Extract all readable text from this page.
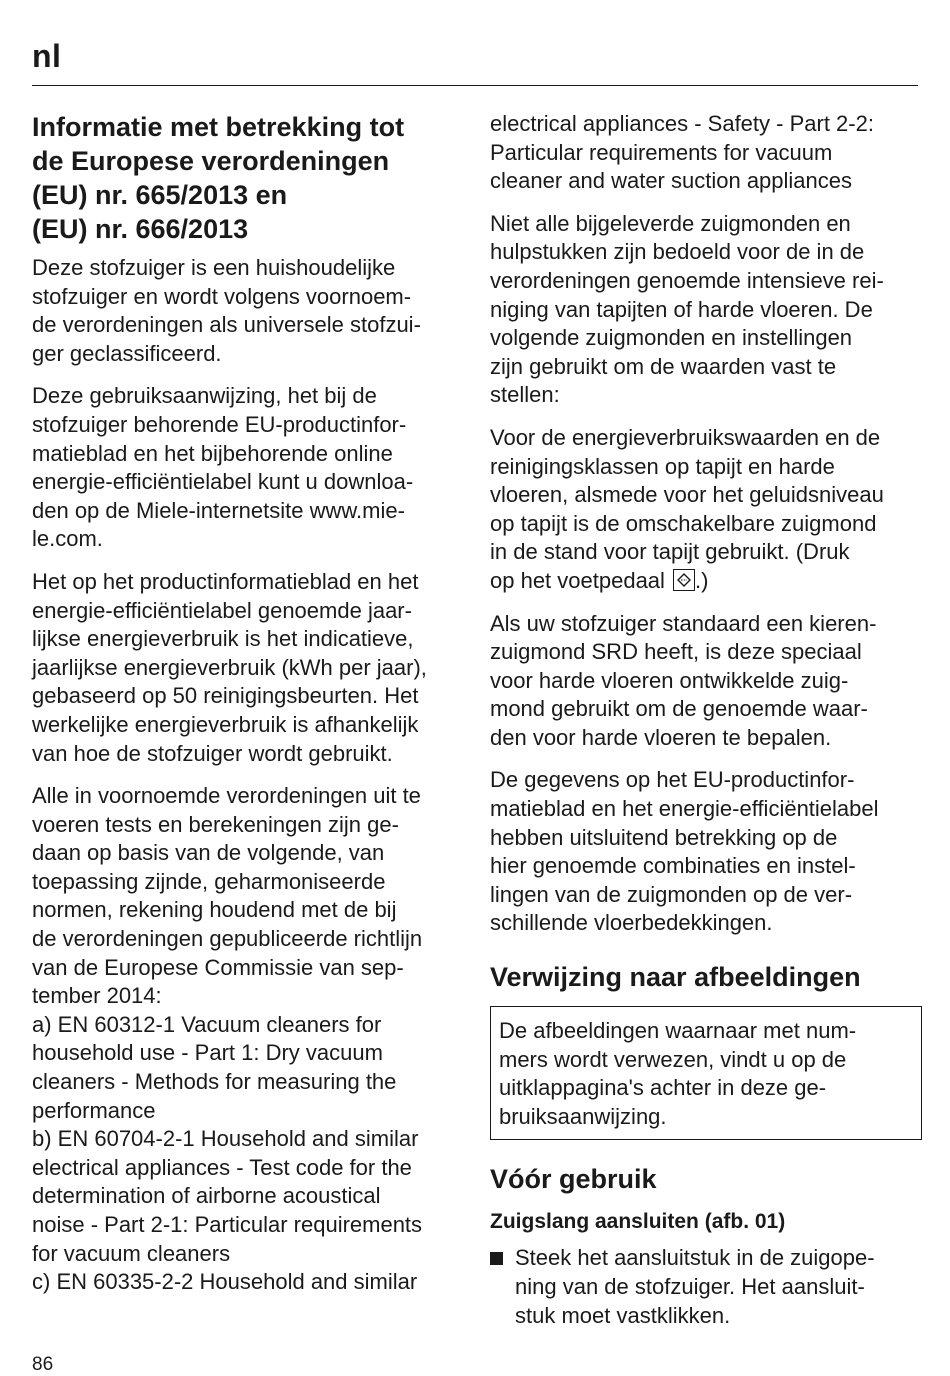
nl
Informatie met betrekking tot
de Europese verordeningen
(EU) nr. 665/2013 en
(EU) nr. 666/2013

Deze stofzuiger is een huishoudelijke
stofzuiger en wordt volgens voornoem-
de verordeningen als universele stofzui-
ger geclassificeerd.

Deze gebruiksaanwijzing, het bij de
stofzuiger behorende EU-productinfor-
matieblad en het bijbehorende online
energie-efficiëntielabel kunt u downloa-
den op de Miele-internetsite www.mie-
le.com.

Het op het productinformatieblad en het
energie-efficiëntielabel genoemde jaar-
lijkse energieverbruik is het indicatieve,
jaarlijkse energieverbruik (kWh per jaar),
gebaseerd op 50 reinigingsbeurten. Het
werkelijke energieverbruik is afhankelijk
van hoe de stofzuiger wordt gebruikt.

Alle in voornoemde verordeningen uit te
voeren tests en berekeningen zijn ge-
daan op basis van de volgende, van
toepassing zijnde, geharmoniseerde
normen, rekening houdend met de bij
de verordeningen gepubliceerde richtlijn
van de Europese Commissie van sep-
tember 2014:
a) EN 60312-1 Vacuum cleaners for
household use - Part 1: Dry vacuum
cleaners - Methods for measuring the
performance
b) EN 60704-2-1 Household and similar
electrical appliances - Test code for the
determination of airborne acoustical
noise - Part 2-1: Particular requirements
for vacuum cleaners
c) EN 60335-2-2 Household and similar

electrical appliances - Safety - Part 2-2:
Particular requirements for vacuum
cleaner and water suction appliances

Niet alle bijgeleverde zuigmonden en
hulpstukken zijn bedoeld voor de in de
verordeningen genoemde intensieve rei-
niging van tapijten of harde vloeren. De
volgende zuigmonden en instellingen
zijn gebruikt om de waarden vast te
stellen:

Voor de energieverbruikswaarden en de
reinigingsklassen op tapijt en harde
vloeren, alsmede voor het geluidsniveau
op tapijt is de omschakelbare zuigmond
in de stand voor tapijt gebruikt. (Druk
op het voetpedaal
.)

Als uw stofzuiger standaard een kieren-
zuigmond SRD heeft, is deze speciaal
voor harde vloeren ontwikkelde zuig-
mond gebruikt om de genoemde waar-
den voor harde vloeren te bepalen.

De gegevens op het EU-productinfor-
matieblad en het energie-efficiëntielabel
hebben uitsluitend betrekking op de
hier genoemde combinaties en instel-
lingen van de zuigmonden op de ver-
schillende vloerbedekkingen.

Verwijzing naar afbeeldingen
De afbeeldingen waarnaar met num-
mers wordt verwezen, vindt u op de
uitklappagina's achter in deze ge-
bruiksaanwijzing.
Vóór gebruik
Zuigslang aansluiten (afb. 01)
Steek het aansluitstuk in de zuigope-
ning van de stofzuiger. Het aansluit-
stuk moet vastklikken.
86
